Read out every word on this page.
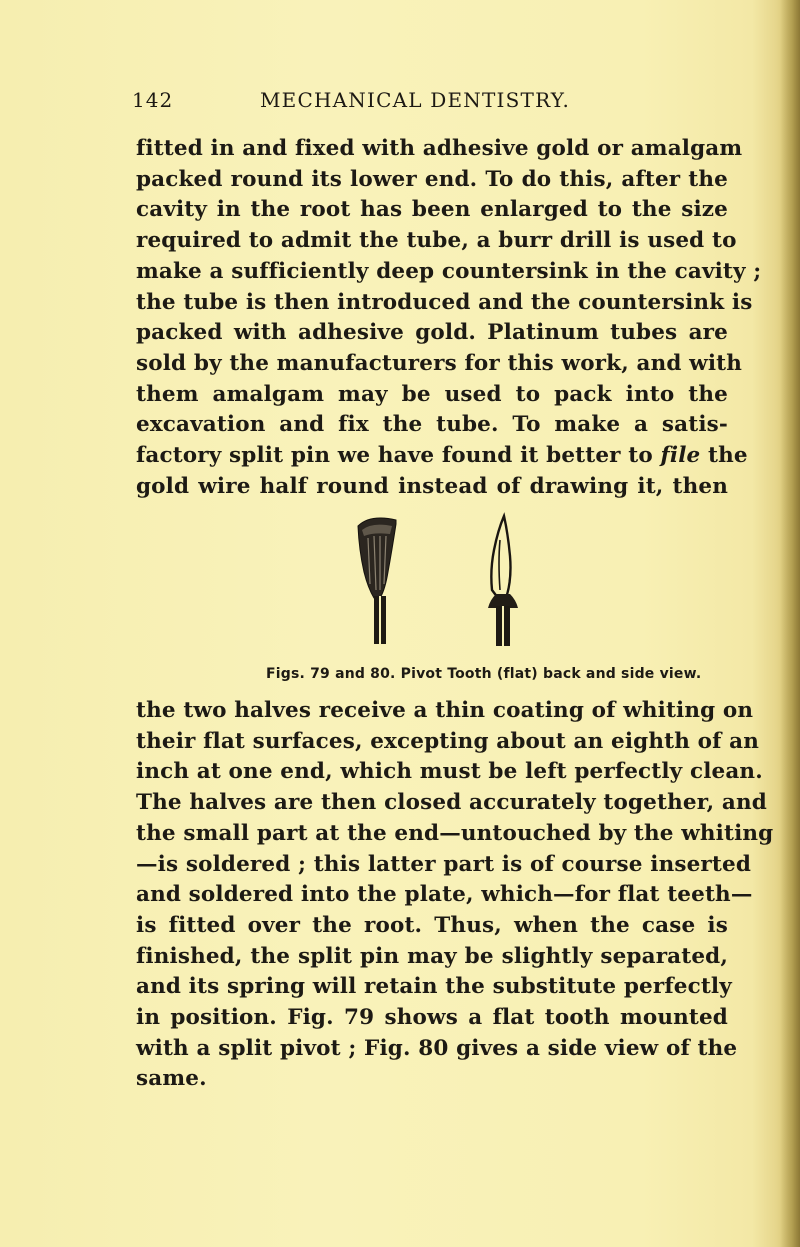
142	MECHANICAL DENTISTRY.
fitted in and fixed with adhesive gold or amalgam
packed round its lower end. To do this, after the
cavity in the root has been enlarged to the size
required to admit the tube, a burr drill is used to
make a sufficiently deep countersink in the cavity ;
the tube is then introduced and the countersink is
packed with adhesive gold. Platinum tubes are
sold by the manufacturers for this work, and with
them amalgam may be used to pack into the
excavation and fix the tube. To make a satis-
factory split pin we have found it better to file the
gold wire half round instead of drawing it, then
Figs. 79 and 80. Pivot Tooth (flat) back and side view.
the two halves receive a thin coating of whiting on
their flat surfaces, excepting about an eighth of an
inch at one end, which must be left perfectly clean.
The halves are then closed accurately together, and
the small part at the end—untouched by the whiting
—is soldered ; this latter part is of course inserted
and soldered into the plate, which—for flat teeth—
is fitted over the root. Thus, when the case is
finished, the split pin may be slightly separated,
and its spring will retain the substitute perfectly
in position. Fig. 79 shows a flat tooth mounted
with a split pivot ; Fig. 80 gives a side view of the
same.
